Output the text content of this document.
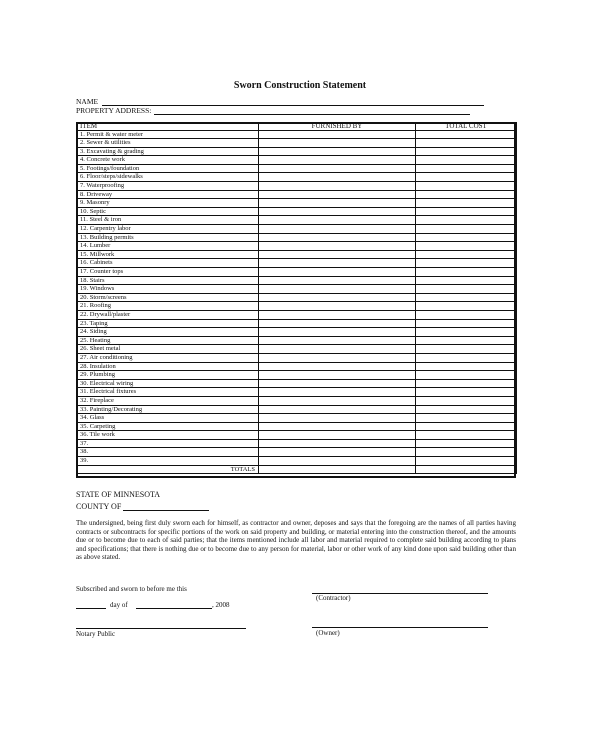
Sworn Construction Statement
NAME
PROPERTY ADDRESS:
ITEM	FURNISHED BY	TOTAL COST
1. Permit & water meter		
2. Sewer & utilities		
3. Excavating & grading		
4. Concrete work		
5. Footings/foundation		
6. Floor/steps/sidewalks		
7. Waterproofing		
8. Driveway		
9. Masonry		
10. Septic		
11. Steel & iron		
12. Carpentry labor		
13. Building permits		
14. Lumber		
15. Millwork		
16. Cabinets		
17. Counter tops		
18. Stairs		
19. Windows		
20. Storm/screens		
21. Roofing		
22. Drywall/plaster		
23. Taping		
24. Siding		
25. Heating		
26. Sheet metal		
27. Air conditioning		
28. Insulation		
29. Plumbing		
30. Electrical wiring		
31. Electrical fixtures		
32. Fireplace		
33. Painting/Decorating		
34. Glass		
35. Carpeting		
36. Tile work		
37.		
38.		
39.		
TOTALS		
STATE OF MINNESOTA
COUNTY OF
The undersigned, being first duly sworn each for himself, as contractor and owner, deposes and says that the foregoing are the names of all parties having contracts or subcontracts for specific portions of the work on said property and building, or material entering into the construction thereof, and the amounts due or to become due to each of said parties; that the items mentioned include all labor and material required to complete said building according to plans and specifications; that there is nothing due or to become due to any person for material, labor or other work of any kind done upon said building other than as above stated.
Subscribed and sworn to before me this
(Contractor)
day of	, 2008
Notary Public	(Owner)
